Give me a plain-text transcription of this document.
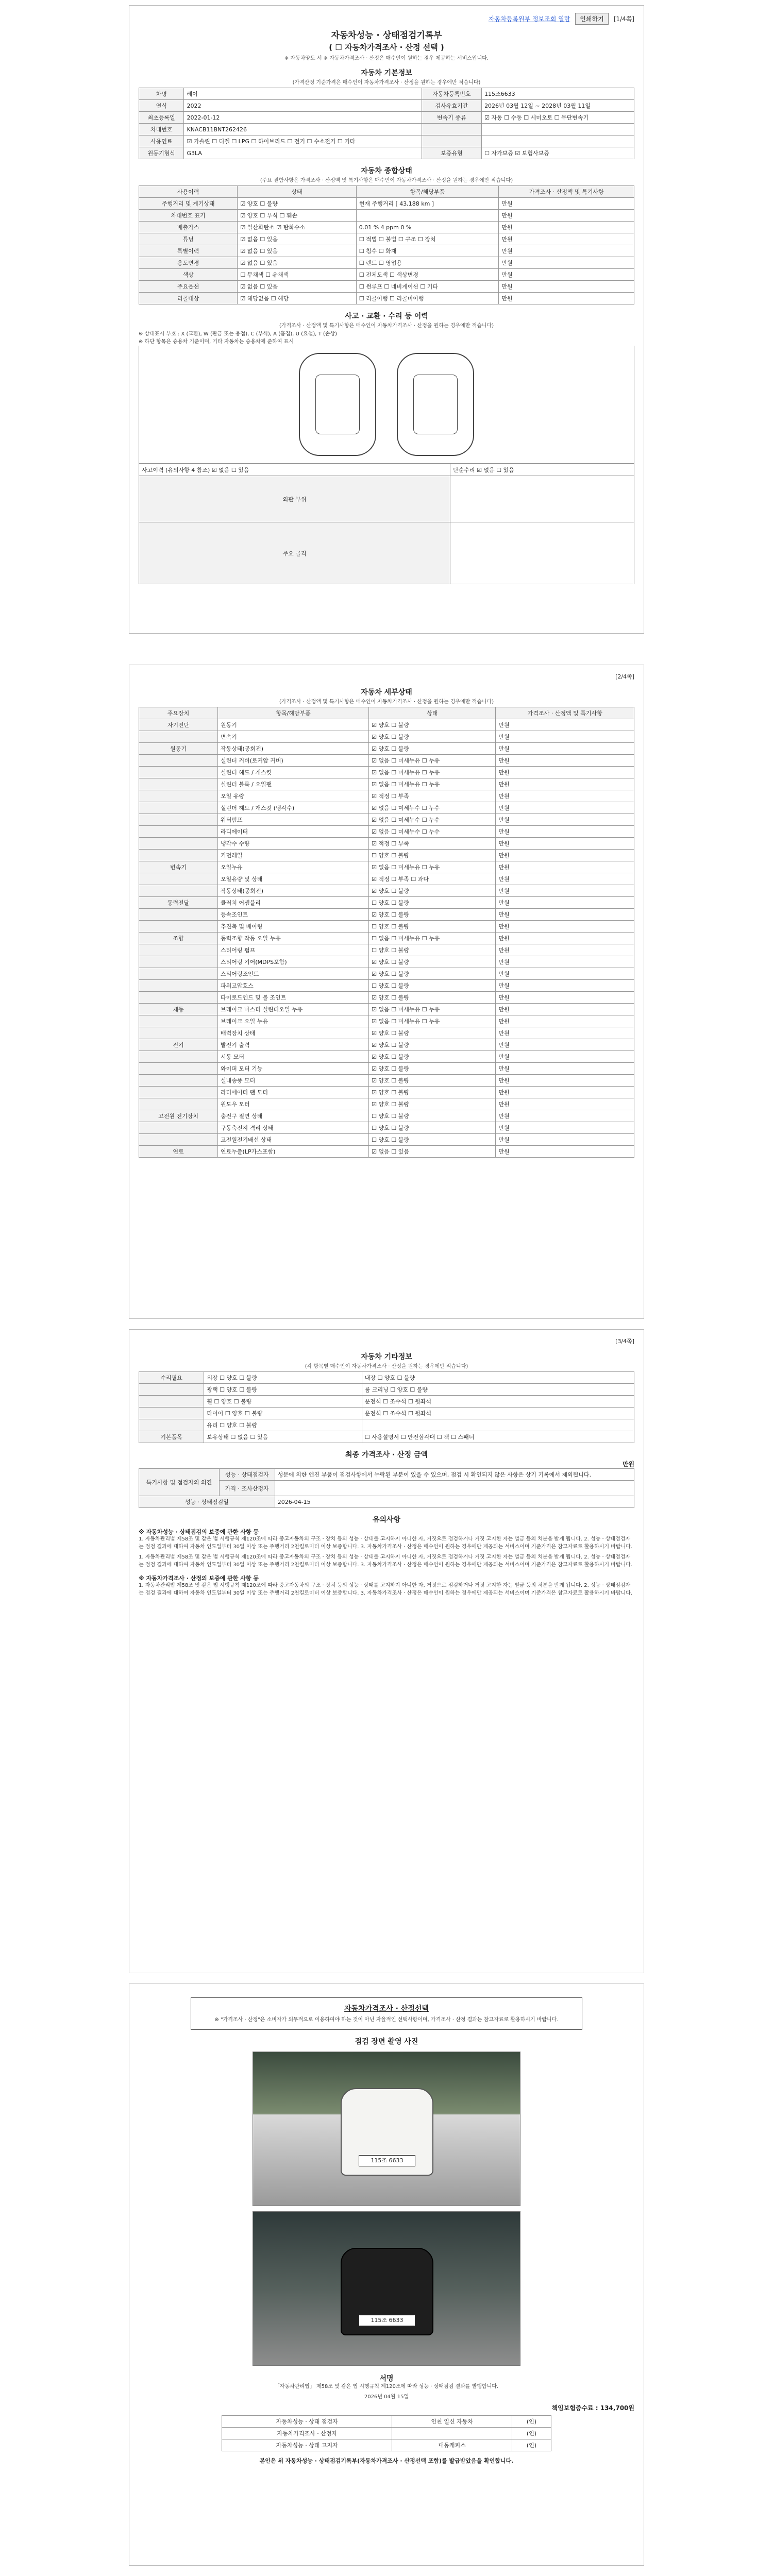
자동차등록원부 정보조회 열람	인쇄하기	[1/4쪽]
자동차성능 · 상태점검기록부
( ☐ 자동차가격조사 · 산정 선택 )
※ 자동차양도 서 ※ 자동차가격조사 · 산정은 매수인이 원하는 경우 제공하는 서비스입니다.
자동차 기본정보
(가격산정 기준가격은 매수인이 자동차가격조사 · 산정을 원하는 경우에만 적습니다)
차명	레이	자동차등록번호	115조6633
연식	2022	검사유효기간	2026년 03월 12일 ~ 2028년 03월 11일
최초등록일	2022-01-12	변속기 종류	☑ 자동 ☐ 수동 ☐ 세미오토 ☐ 무단변속기
차대번호	KNACB11BNT262426		
사용연료	☑ 가솔린 ☐ 디젤 ☐ LPG ☐ 하이브리드 ☐ 전기 ☐ 수소전기 ☐ 기타		
원동기형식	G3LA	보증유형	☐ 자가보증 ☑ 보험사보증
자동차 종합상태
(주요 결함사항은 가격조사 · 산정액 및 특기사항은 매수인이 자동차가격조사 · 산정을 원하는 경우에만 적습니다)
사용이력	상태	항목/해당부품	가격조사 · 산정액 및 특기사항
주행거리 및 계기상태	☑ 양호 ☐ 불량	현재 주행거리 [ 43,188 km ]	만원
차대번호 표기	☑ 양호 ☐ 부식 ☐ 훼손		만원
배출가스	☑ 일산화탄소 ☑ 탄화수소	0.01 % 4 ppm 0 %	만원
튜닝	☑ 없음 ☐ 있음	☐ 적법 ☐ 불법 ☐ 구조 ☐ 장치	만원
특별이력	☑ 없음 ☐ 있음	☐ 침수 ☐ 화재	만원
용도변경	☑ 없음 ☐ 있음	☐ 렌트 ☐ 영업용	만원
색상	☐ 무채색 ☐ 유채색	☐ 전체도색 ☐ 색상변경	만원
주요옵션	☑ 없음 ☐ 있음	☐ 썬루프 ☐ 네비게이션 ☐ 기타	만원
리콜대상	☑ 해당없음 ☐ 해당	☐ 리콜이행 ☐ 리콜미이행	만원
사고 · 교환 · 수리 등 이력
(가격조사 · 산정액 및 특기사항은 매수인이 자동차가격조사 · 산정을 원하는 경우에만 적습니다)
※ 상태표시 부호 : X (교환), W (판금 또는 용접), C (부식), A (흠집), U (요철), T (손상)
※ 하단 항목은 승용차 기준이며, 기타 자동차는 승용차에 준하여 표시
사고이력 (유의사항 4 참조) ☑ 없음 ☐ 있음	단순수리 ☑ 없음 ☐ 있음
외판 부위	
주요 골격	
[2/4쪽]
자동차 세부상태
(가격조사 · 산정액 및 특기사항은 매수인이 자동차가격조사 · 산정을 원하는 경우에만 적습니다)
주요장치	항목/해당부품	상태	가격조사 · 산정액 및 특기사항
자기진단	원동기	☑ 양호 ☐ 불량	만원
	변속기	☑ 양호 ☐ 불량	만원
원동기	작동상태(공회전)	☑ 양호 ☐ 불량	만원
	실린더 커버(로커암 커버)	☑ 없음 ☐ 미세누유 ☐ 누유	만원
	실린더 헤드 / 개스킷	☑ 없음 ☐ 미세누유 ☐ 누유	만원
	실린더 블록 / 오일팬	☑ 없음 ☐ 미세누유 ☐ 누유	만원
	오일 유량	☑ 적정 ☐ 부족	만원
	실린더 헤드 / 개스킷 (냉각수)	☑ 없음 ☐ 미세누수 ☐ 누수	만원
	워터펌프	☑ 없음 ☐ 미세누수 ☐ 누수	만원
	라디에이터	☑ 없음 ☐ 미세누수 ☐ 누수	만원
	냉각수 수량	☑ 적정 ☐ 부족	만원
	커먼레일	☐ 양호 ☐ 불량	만원
변속기	오일누유	☑ 없음 ☐ 미세누유 ☐ 누유	만원
	오일유량 및 상태	☑ 적정 ☐ 부족 ☐ 과다	만원
	작동상태(공회전)	☑ 양호 ☐ 불량	만원
동력전달	클러치 어셈블리	☐ 양호 ☐ 불량	만원
	등속조인트	☑ 양호 ☐ 불량	만원
	추진축 및 베어링	☐ 양호 ☐ 불량	만원
조향	동력조향 작동 오일 누유	☐ 없음 ☐ 미세누유 ☐ 누유	만원
	스티어링 펌프	☐ 양호 ☐ 불량	만원
	스티어링 기어(MDPS포함)	☑ 양호 ☐ 불량	만원
	스티어링조인트	☑ 양호 ☐ 불량	만원
	파워고압호스	☐ 양호 ☐ 불량	만원
	타이로드엔드 및 볼 조인트	☑ 양호 ☐ 불량	만원
제동	브레이크 마스터 실린더오일 누유	☑ 없음 ☐ 미세누유 ☐ 누유	만원
	브레이크 오일 누유	☑ 없음 ☐ 미세누유 ☐ 누유	만원
	배력장치 상태	☑ 양호 ☐ 불량	만원
전기	발전기 출력	☑ 양호 ☐ 불량	만원
	시동 모터	☑ 양호 ☐ 불량	만원
	와이퍼 모터 기능	☑ 양호 ☐ 불량	만원
	실내송풍 모터	☑ 양호 ☐ 불량	만원
	라디에이터 팬 모터	☑ 양호 ☐ 불량	만원
	윈도우 모터	☑ 양호 ☐ 불량	만원
고전원 전기장치	충전구 절연 상태	☐ 양호 ☐ 불량	만원
	구동축전지 격리 상태	☐ 양호 ☐ 불량	만원
	고전원전기배선 상태	☐ 양호 ☐ 불량	만원
연료	연료누출(LP가스포함)	☑ 없음 ☐ 있음	만원
[3/4쪽]
자동차 기타정보
(각 항목별 매수인이 자동차가격조사 · 산정을 원하는 경우에만 적습니다)
수리필요	외장 ☐ 양호 ☐ 불량	내장 ☐ 양호 ☐ 불량
	광택 ☐ 양호 ☐ 불량	룸 크리닝 ☐ 양호 ☐ 불량
	휠 ☐ 양호 ☐ 불량	운전석 ☐ 조수석 ☐ 뒷좌석
	타이어 ☐ 양호 ☐ 불량	운전석 ☐ 조수석 ☐ 뒷좌석
	유리 ☐ 양호 ☐ 불량	
기본품목	보유상태 ☐ 없음 ☐ 있음	☐ 사용설명서 ☐ 안전삼각대 ☐ 잭 ☐ 스패너
최종 가격조사 · 산정 금액
만원
특기사항 및 점검자의 의견	성능 · 상태점검자	성문에 의한 엔진 부품이 점검사항에서 누락된 부분이 있을 수 있으며, 점검 시 확인되지 않은 사항은 상기 기록에서 제외됩니다.
	가격 · 조사산정자	
성능 · 상태점검일		2026-04-15
유의사항
※ 자동차성능 · 상태점검의 보증에 관한 사항 등
1. 자동차관리법 제58조 및 같은 법 시행규칙 제120조에 따라 중고자동차의 구조 · 장치 등의 성능 · 상태를 고지하지 아니한 자, 거짓으로 점검하거나 거짓 고지한 자는 벌금 등의 처분을 받게 됩니다. 2. 성능 · 상태점검자는 점검 결과에 대하여 자동차 인도일부터 30일 이상 또는 주행거리 2천킬로미터 이상 보증합니다. 3. 자동차가격조사 · 산정은 매수인이 원하는 경우에만 제공되는 서비스이며 기준가격은 참고자료로 활용하시기 바랍니다.
1. 자동차관리법 제58조 및 같은 법 시행규칙 제120조에 따라 중고자동차의 구조 · 장치 등의 성능 · 상태를 고지하지 아니한 자, 거짓으로 점검하거나 거짓 고지한 자는 벌금 등의 처분을 받게 됩니다. 2. 성능 · 상태점검자는 점검 결과에 대하여 자동차 인도일부터 30일 이상 또는 주행거리 2천킬로미터 이상 보증합니다. 3. 자동차가격조사 · 산정은 매수인이 원하는 경우에만 제공되는 서비스이며 기준가격은 참고자료로 활용하시기 바랍니다.
※ 자동차가격조사 · 산정의 보증에 관한 사항 등
1. 자동차관리법 제58조 및 같은 법 시행규칙 제120조에 따라 중고자동차의 구조 · 장치 등의 성능 · 상태를 고지하지 아니한 자, 거짓으로 점검하거나 거짓 고지한 자는 벌금 등의 처분을 받게 됩니다. 2. 성능 · 상태점검자는 점검 결과에 대하여 자동차 인도일부터 30일 이상 또는 주행거리 2천킬로미터 이상 보증합니다. 3. 자동차가격조사 · 산정은 매수인이 원하는 경우에만 제공되는 서비스이며 기준가격은 참고자료로 활용하시기 바랍니다.
자동차가격조사 · 산정선택
※ "가격조사 · 산정"은 소비자가 의무적으로 이용하여야 하는 것이 아닌 자율적인 선택사항이며, 가격조사 · 산정 결과는 참고자료로 활용하시기 바랍니다.
점검 장면 촬영 사진
115조 6633
115조 6633
서명
「자동차관리법」 제58조 및 같은 법 시행규칙 제120조에 따라 성능 · 상태점검 결과를 발행합니다.
2026년 04월 15일
책임보험증수료 : 134,700원
자동차성능 · 상태 점검자	인천 일신 자동차	(인)
자동차가격조사 · 산정자		(인)
자동차성능 · 상태 고지자	대동캐피스	(인)
본인은 위 자동차성능 · 상태점검기록부(자동차가격조사 · 산정선택 포함)를 발급받았음을 확인합니다.
